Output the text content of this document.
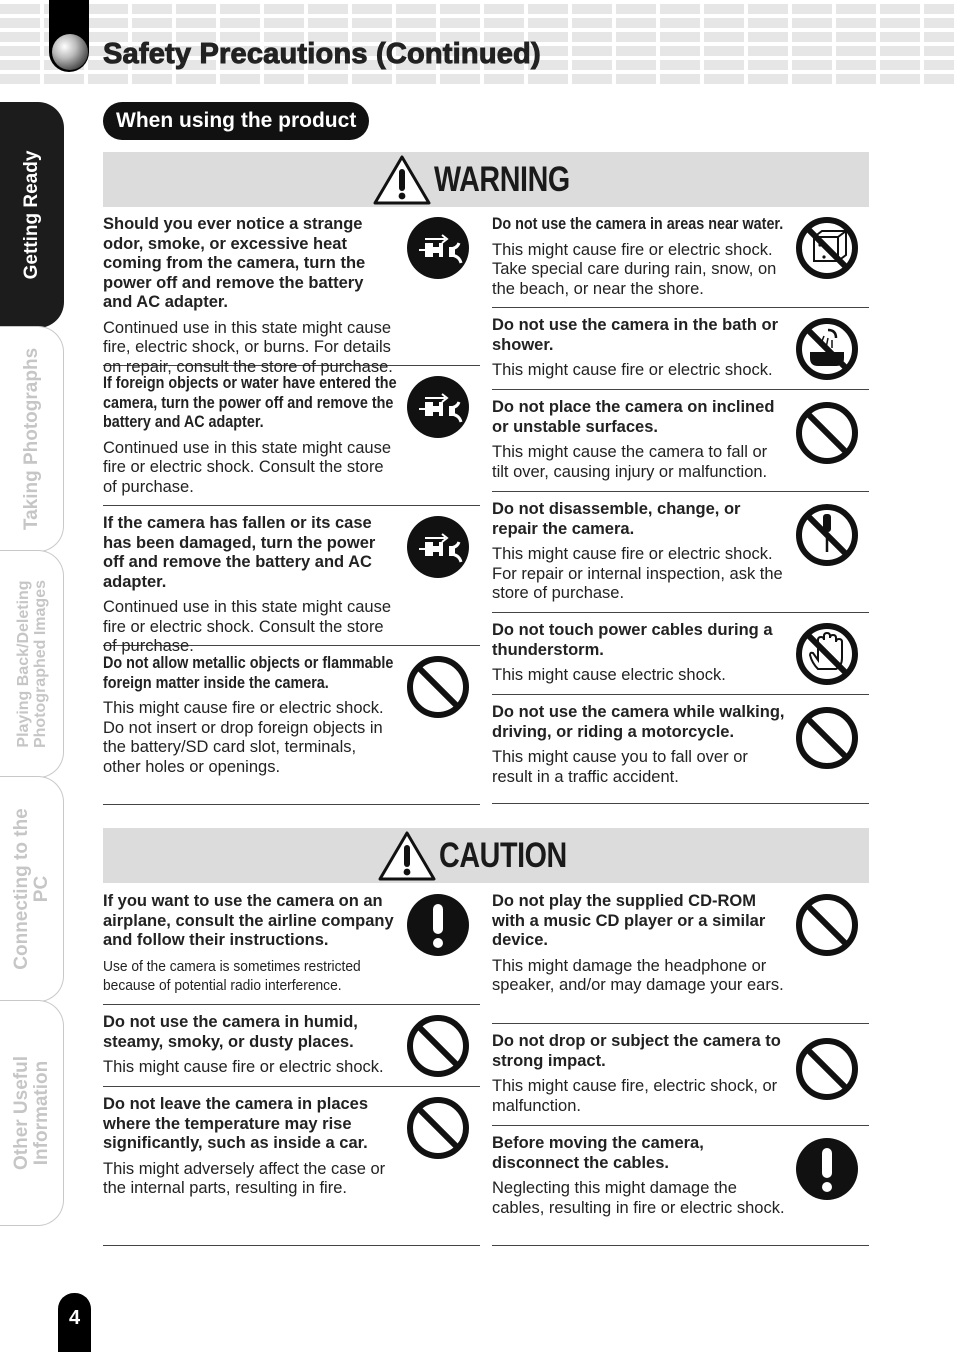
Safety Precautions (Continued)
Getting Ready
Taking Photographs
Playing Back/Deleting
Photographed Images
Connecting to the
PC
Other Useful
Information
When using the product
WARNING

Should you ever notice a strange odor, smoke, or excessive heat coming from the camera, turn the power off and remove the battery and AC adapter.

Continued use in this state might cause fire, electric shock, or burns. For details on repair, consult the store of purchase.

If foreign objects or water have entered the camera, turn the power off and remove the battery and AC adapter.

Continued use in this state might cause fire or electric shock. Consult the store of purchase.

If the camera has fallen or its case has been damaged, turn the power off and remove the battery and AC adapter.

Continued use in this state might cause fire or electric shock. Consult the store of purchase.

Do not allow metallic objects or flammable foreign matter inside the camera.

This might cause fire or electric shock. Do not insert or drop foreign objects in the battery/SD card slot, terminals, other holes or openings.

Do not use the camera in areas near water.

This might cause fire or electric shock. Take special care during rain, snow, on the beach, or near the shore.

Do not use the camera in the bath or shower.

This might cause fire or electric shock.

Do not place the camera on inclined or unstable surfaces.

This might cause the camera to fall or tilt over, causing injury or malfunction.

Do not disassemble, change, or repair the camera.

This might cause fire or electric shock. For repair or internal inspection, ask the store of purchase.

Do not touch power cables during a thunderstorm.

This might cause electric shock.

Do not use the camera while walking, driving, or riding a motorcycle.

This might cause you to fall over or result in a traffic accident.

CAUTION

If you want to use the camera on an airplane, consult the airline company and follow their instructions.

Use of the camera is sometimes restricted because of potential radio interference.

Do not use the camera in humid, steamy, smoky, or dusty places.

This might cause fire or electric shock.

Do not leave the camera in places where the temperature may rise significantly, such as inside a car.

This might adversely affect the case or the internal parts, resulting in fire.

Do not play the supplied CD-ROM with a music CD player or a similar device.

This might damage the headphone or speaker, and/or may damage your ears.

Do not drop or subject the camera to strong impact.

This might cause fire, electric shock, or malfunction.

Before moving the camera, disconnect the cables.

Neglecting this might damage the cables, resulting in fire or electric shock.

4
